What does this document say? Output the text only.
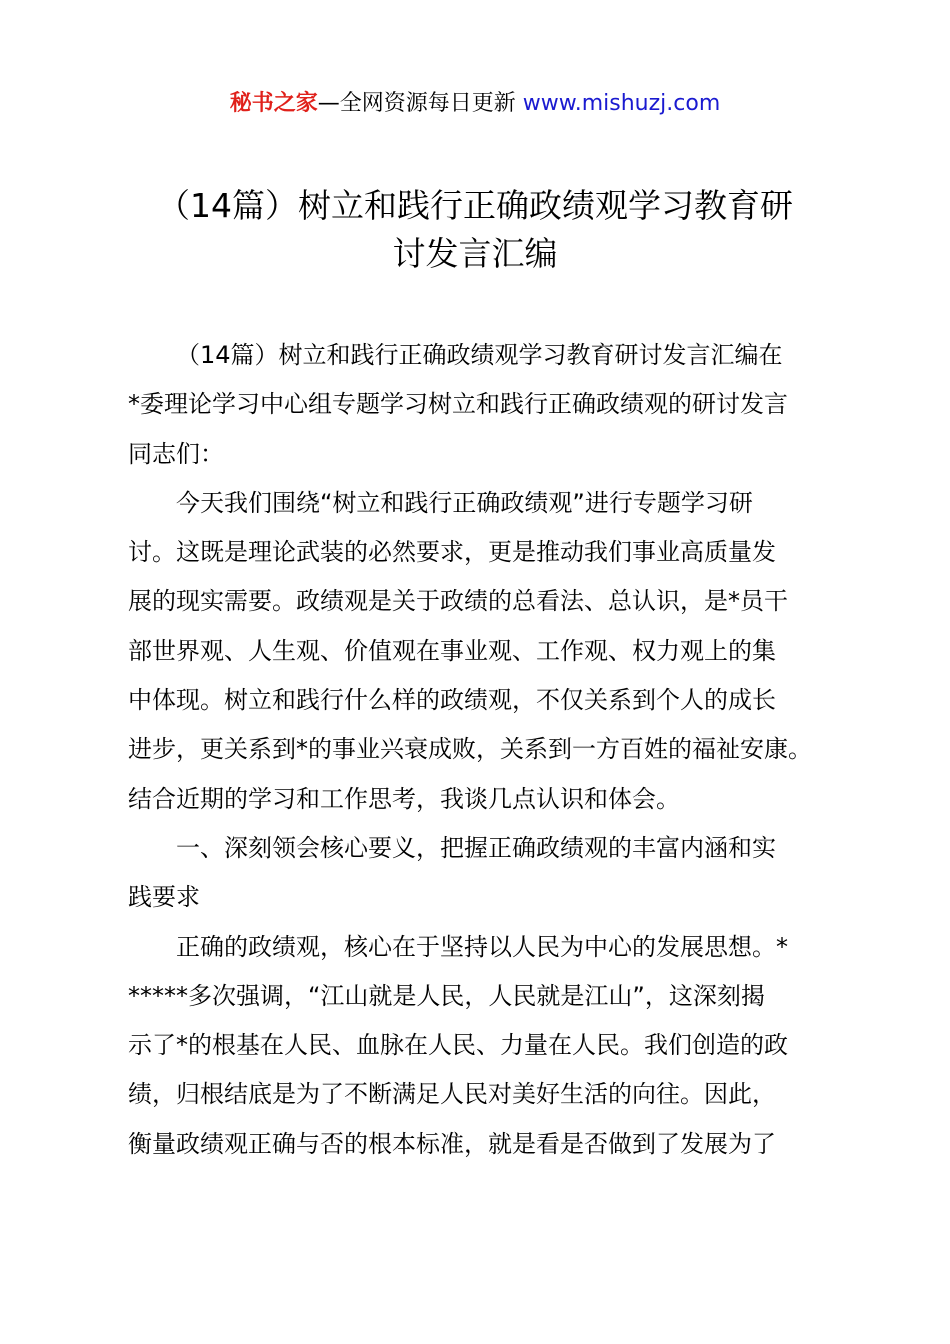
秘书之家—全网资源每日更新 www.mishuzj.com
（14篇）树立和践行正确政绩观学习教育研
讨发言汇编
（14篇）树立和践行正确政绩观学习教育研讨发言汇编在
*委理论学习中心组专题学习树立和践行正确政绩观的研讨发言
同志们：
今天我们围绕“树立和践行正确政绩观”进行专题学习研
讨。这既是理论武装的必然要求，更是推动我们事业高质量发
展的现实需要。政绩观是关于政绩的总看法、总认识，是*员干
部世界观、人生观、价值观在事业观、工作观、权力观上的集
中体现。树立和践行什么样的政绩观，不仅关系到个人的成长
进步，更关系到*的事业兴衰成败，关系到一方百姓的福祉安康。
结合近期的学习和工作思考，我谈几点认识和体会。
一、深刻领会核心要义，把握正确政绩观的丰富内涵和实
践要求
正确的政绩观，核心在于坚持以人民为中心的发展思想。*
*****多次强调，“江山就是人民，人民就是江山”，这深刻揭
示了*的根基在人民、血脉在人民、力量在人民。我们创造的政
绩，归根结底是为了不断满足人民对美好生活的向往。因此，
衡量政绩观正确与否的根本标准，就是看是否做到了发展为了
